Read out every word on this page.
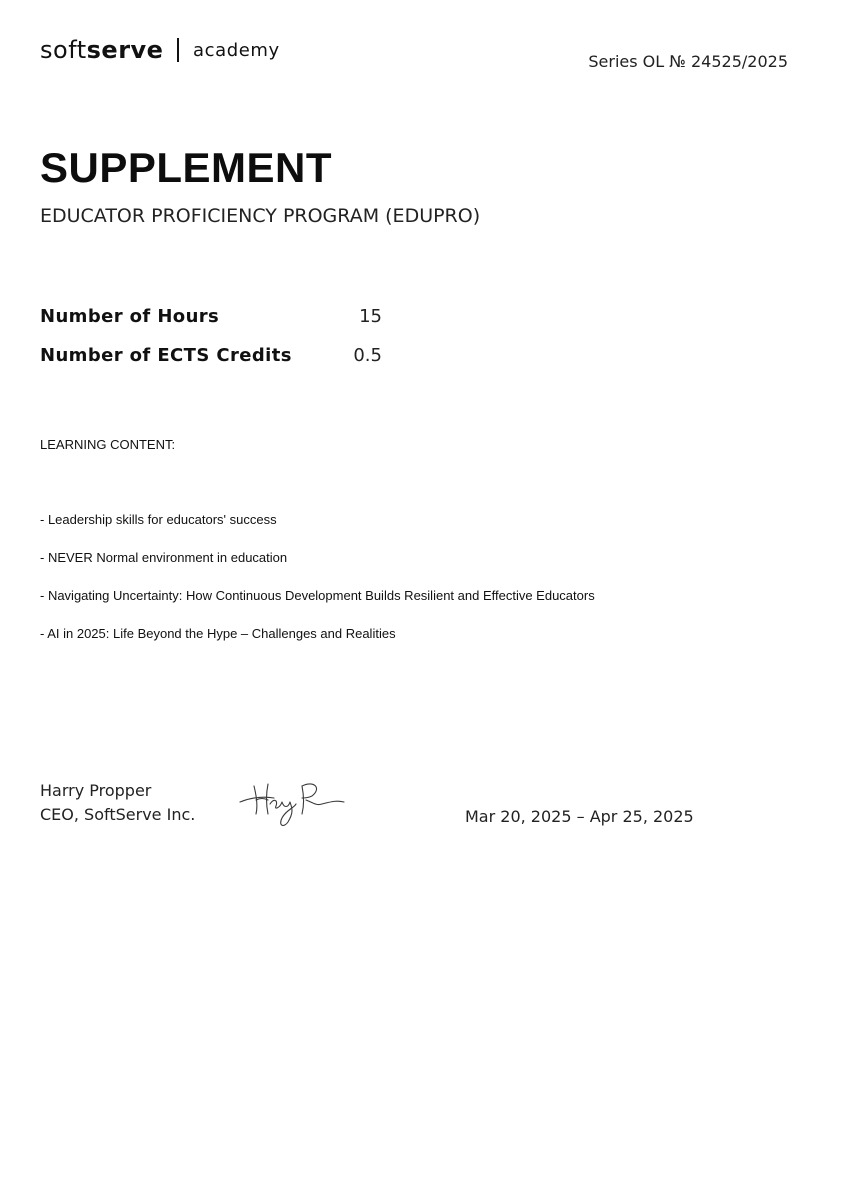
soft serve academy
Series OL № 24525/2025
SUPPLEMENT
EDUCATOR PROFICIENCY PROGRAM (EDUPRO)
Number of Hours	15
Number of ECTS Credits	0.5
LEARNING CONTENT:
- Leadership skills for educators' success
- NEVER Normal environment in education
- Navigating Uncertainty: How Continuous Development Builds Resilient and Effective Educators
- AI in 2025: Life Beyond the Hype – Challenges and Realities
Harry Propper
CEO, SoftServe Inc.	Mar 20, 2025 – Apr 25, 2025
